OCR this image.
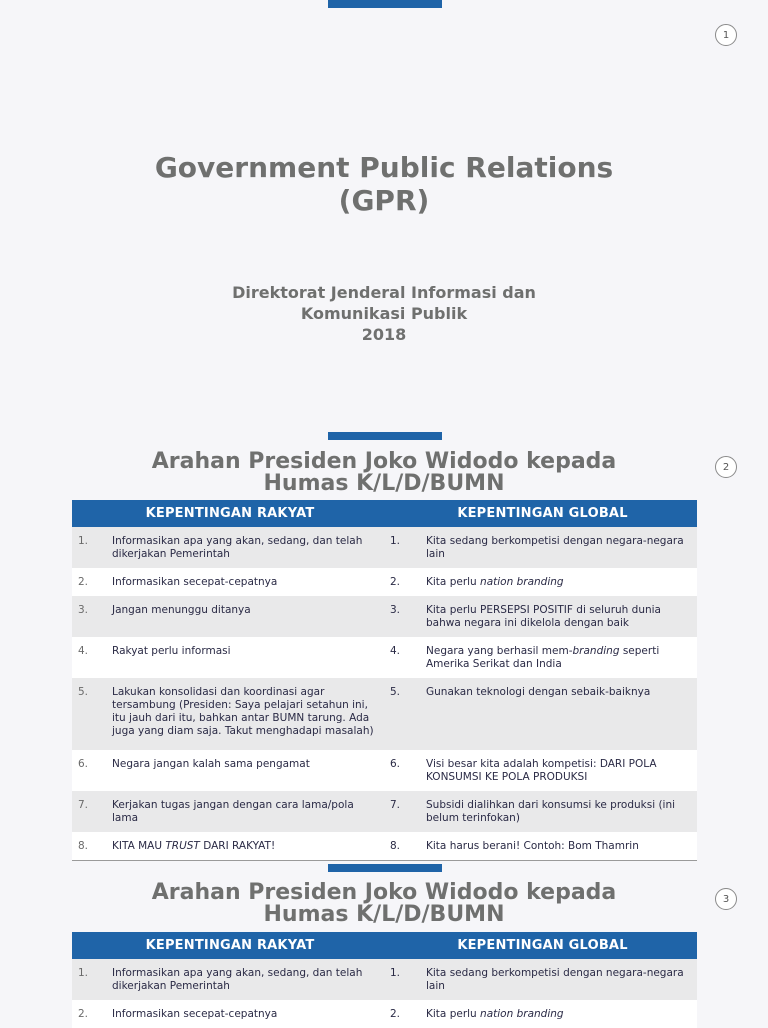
1
Government Public Relations
(GPR)
Direktorat Jenderal Informasi dan
Komunikasi Publik
2018
2
Arahan Presiden Joko Widodo kepada
Humas K/L/D/BUMN
KEPENTINGAN RAKYAT		KEPENTINGAN GLOBAL	
1.	Informasikan apa yang akan, sedang, dan telah dikerjakan Pemerintah	1.	Kita sedang berkompetisi dengan negara-negara lain
2.	Informasikan secepat-cepatnya	2.	Kita perlu nation branding
3.	Jangan menunggu ditanya	3.	Kita perlu PERSEPSI POSITIF di seluruh dunia bahwa negara ini dikelola dengan baik
4.	Rakyat perlu informasi	4.	Negara yang berhasil mem-branding seperti Amerika Serikat dan India
5.	Lakukan konsolidasi dan koordinasi agar tersambung (Presiden: Saya pelajari setahun ini, itu jauh dari itu, bahkan antar BUMN tarung. Ada juga yang diam saja. Takut menghadapi masalah)	5.	Gunakan teknologi dengan sebaik-baiknya
6.	Negara jangan kalah sama pengamat	6.	Visi besar kita adalah kompetisi: DARI POLA KONSUMSI KE POLA PRODUKSI
7.	Kerjakan tugas jangan dengan cara lama/pola lama	7.	Subsidi dialihkan dari konsumsi ke produksi (ini belum terinfokan)
8.	KITA MAU TRUST DARI RAKYAT!	8.	Kita harus berani! Contoh: Bom Thamrin
3
Arahan Presiden Joko Widodo kepada
Humas K/L/D/BUMN
KEPENTINGAN RAKYAT		KEPENTINGAN GLOBAL	
1.	Informasikan apa yang akan, sedang, dan telah dikerjakan Pemerintah	1.	Kita sedang berkompetisi dengan negara-negara lain
2.	Informasikan secepat-cepatnya	2.	Kita perlu nation branding
